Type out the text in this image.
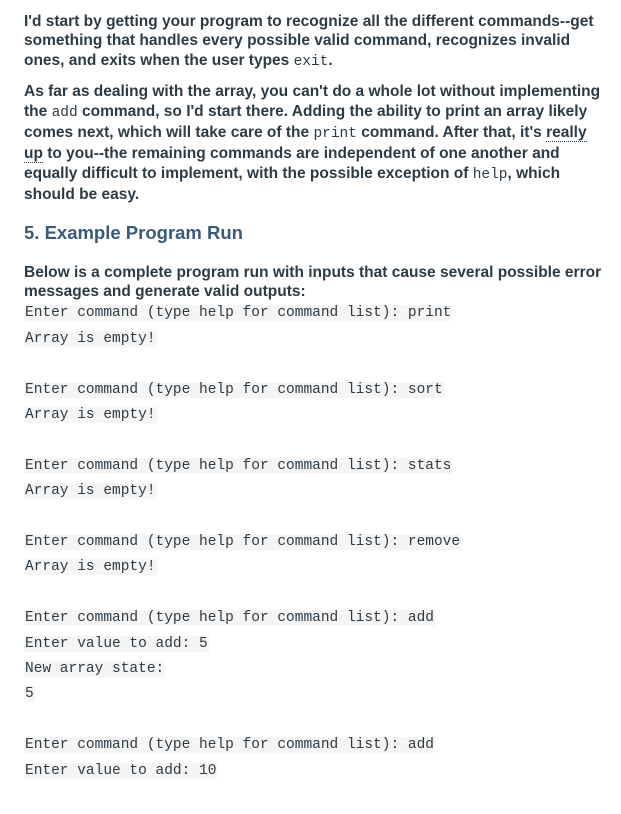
I'd start by getting your program to recognize all the different commands--get something that handles every possible valid command, recognizes invalid ones, and exits when the user types exit.

As far as dealing with the array, you can't do a whole lot without implementing the add command, so I'd start there. Adding the ability to print an array likely comes next, which will take care of the print command. After that, it's really up to you--the remaining commands are independent of one another and equally difficult to implement, with the possible exception of help, which should be easy.

5. Example Program Run

Below is a complete program run with inputs that cause several possible error messages and generate valid outputs:

Enter command (type help for command list): print
Array is empty!
Enter command (type help for command list): sort
Array is empty!
Enter command (type help for command list): stats
Array is empty!
Enter command (type help for command list): remove
Array is empty!
Enter command (type help for command list): add
Enter value to add: 5
New array state:
5
Enter command (type help for command list): add
Enter value to add: 10
